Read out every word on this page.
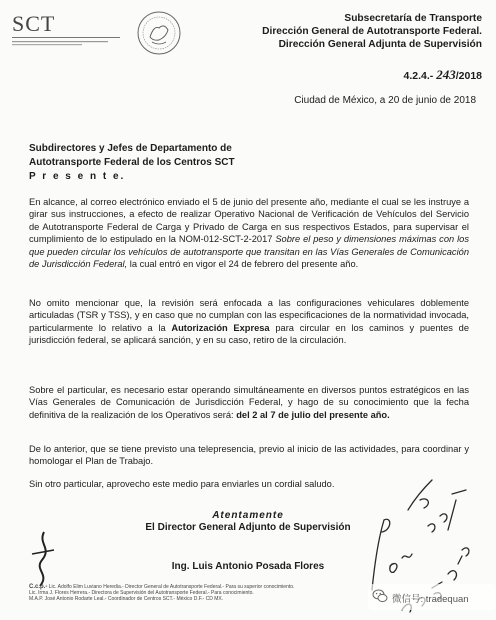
SCT	Subsecretaría de Transporte
Dirección General de Autotransporte Federal.
Dirección General Adjunta de Supervisión
4.2.4.- 243/2018
Ciudad de México, a 20 de junio de 2018
Subdirectores y Jefes de Departamento de
Autotransporte Federal de los Centros SCT
P r e s e n t e.
En alcance, al correo electrónico enviado el 5 de junio del presente año, mediante el cual se les instruye a girar sus instrucciones, a efecto de realizar Operativo Nacional de Verificación de Vehículos del Servicio de Autotransporte Federal de Carga y Privado de Carga en sus respectivos Estados, para supervisar el cumplimiento de lo estipulado en la NOM-012-SCT-2-2017 Sobre el peso y dimensiones máximas con los que pueden circular los vehículos de autotransporte que transitan en las Vías Generales de Comunicación de Jurisdicción Federal, la cual entró en vigor el 24 de febrero del presente año.
No omito mencionar que, la revisión será enfocada a las configuraciones vehiculares doblemente articuladas (TSR y TSS), y en caso que no cumplan con las especificaciones de la normatividad invocada, particularmente lo relativo a la Autorización Expresa para circular en los caminos y puentes de jurisdicción federal, se aplicará sanción, y en su caso, retiro de la circulación.
Sobre el particular, es necesario estar operando simultáneamente en diversos puntos estratégicos en las Vías Generales de Comunicación de Jurisdicción Federal, y hago de su conocimiento que la fecha definitiva de la realización de los Operativos será: del 2 al 7 de julio del presente año.
De lo anterior, que se tiene previsto una telepresencia, previo al inicio de las actividades, para coordinar y homologar el Plan de Trabajo.
Sin otro particular, aprovecho este medio para enviarles un cordial saludo.
Atentamente
El Director General Adjunto de Supervisión
Ing. Luis Antonio Posada Flores
C.c.p.- Lic. Adolfo Elim Luviano Heredia.- Director General de Autotransporte Federal.- Para su superior conocimiento.
Lic. Irma J. Flores Herrera.- Directora de Supervisión del Autotransporte Federal.- Para conocimiento.
M.A.P. José Antonio Rodarte Leal.- Coordinador de Centros SCT.- México D.F.- CD MX.	微信号: tradequan
